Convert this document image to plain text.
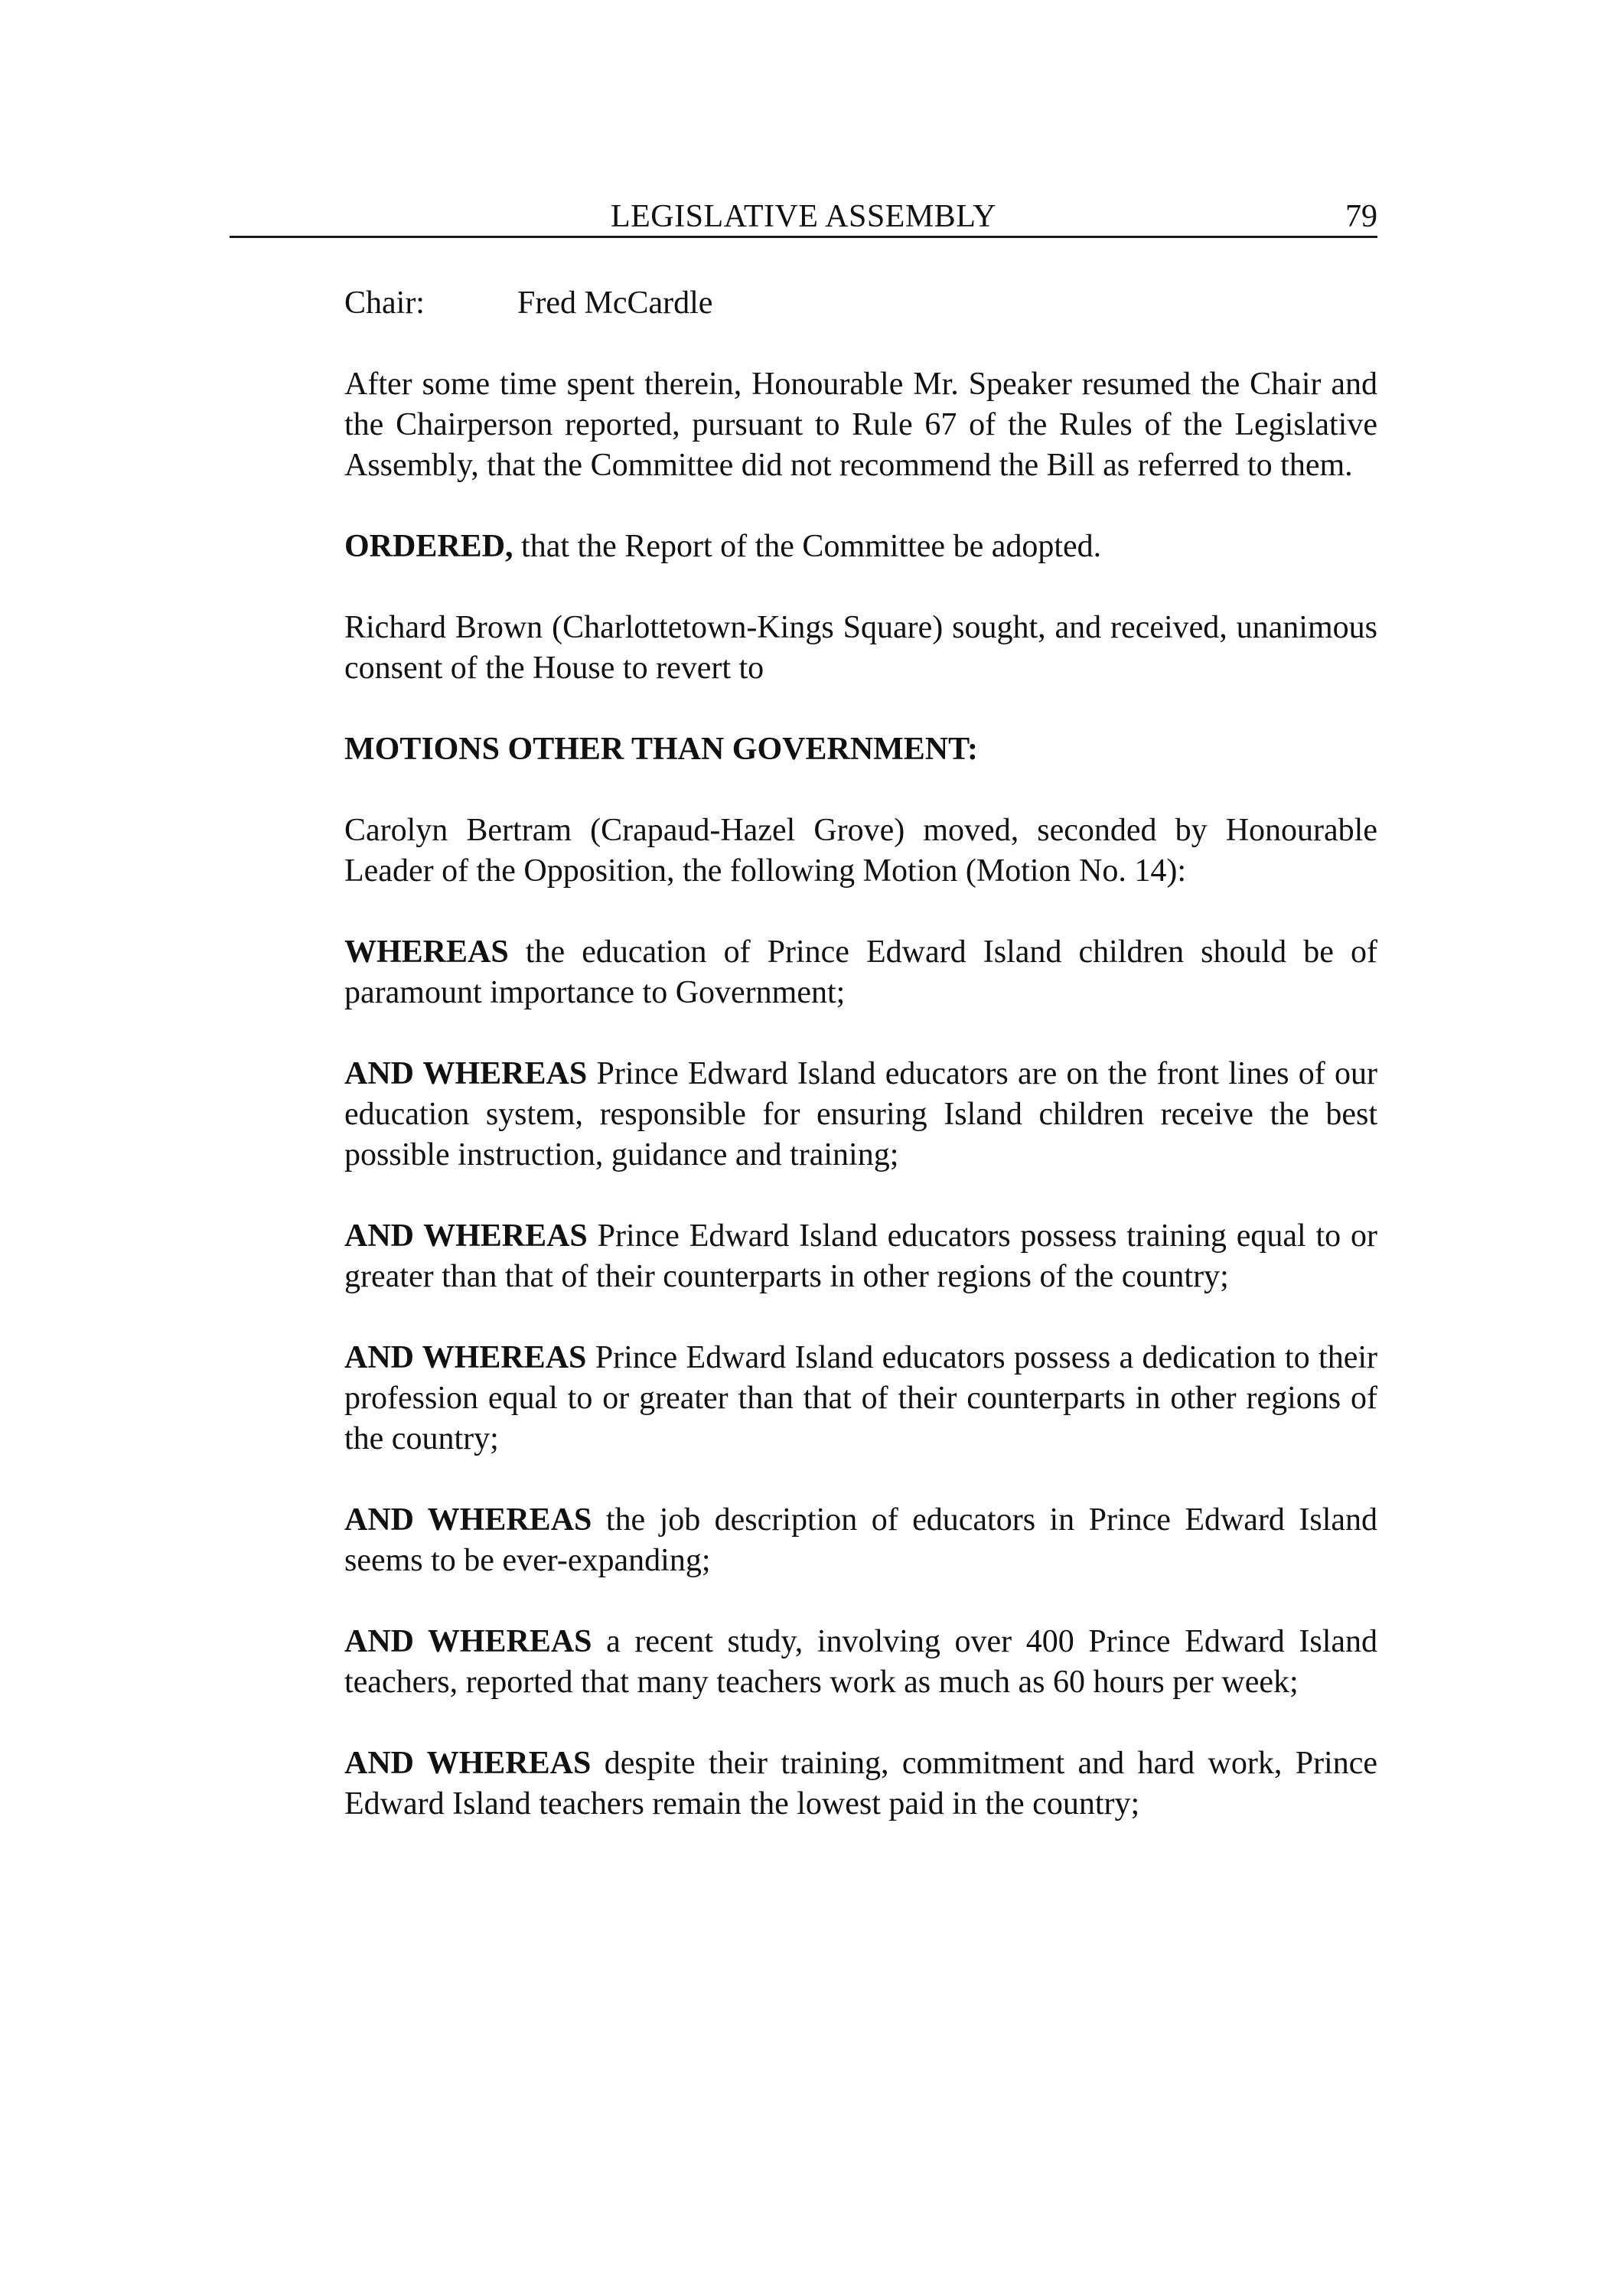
LEGISLATIVE ASSEMBLY	79
Chair:	Fred McCardle

After some time spent therein, Honourable Mr. Speaker resumed the Chair and the Chairperson reported, pursuant to Rule 67 of the Rules of the Legislative Assembly, that the Committee did not recommend the Bill as referred to them.

ORDERED, that the Report of the Committee be adopted.

Richard Brown (Charlottetown-Kings Square) sought, and received, unanimous consent of the House to revert to

MOTIONS OTHER THAN GOVERNMENT:

Carolyn Bertram (Crapaud-Hazel Grove) moved, seconded by Honourable Leader of the Opposition, the following Motion (Motion No. 14):

WHEREAS the education of Prince Edward Island children should be of paramount importance to Government;

AND WHEREAS Prince Edward Island educators are on the front lines of our education system, responsible for ensuring Island children receive the best possible instruction, guidance and training;

AND WHEREAS Prince Edward Island educators possess training equal to or greater than that of their counterparts in other regions of the country;

AND WHEREAS Prince Edward Island educators possess a dedication to their profession equal to or greater than that of their counterparts in other regions of the country;

AND WHEREAS the job description of educators in Prince Edward Island seems to be ever-expanding;

AND WHEREAS a recent study, involving over 400 Prince Edward Island teachers, reported that many teachers work as much as 60 hours per week;

AND WHEREAS despite their training, commitment and hard work, Prince Edward Island teachers remain the lowest paid in the country;
